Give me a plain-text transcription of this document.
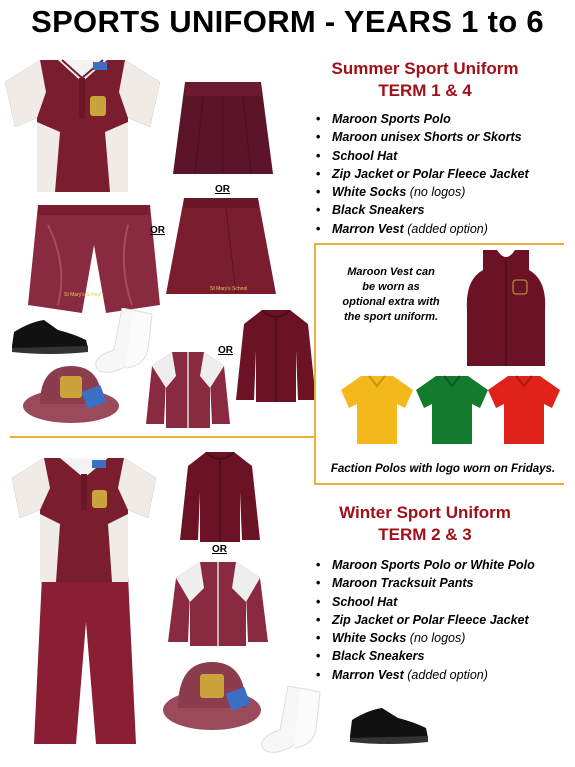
SPORTS UNIFORM - YEARS 1 to 6
OR
OR
OR
Summer Sport Uniform
TERM 1 & 4
• Maroon Sports Polo
• Maroon unisex Shorts or Skorts
• School Hat
• Zip Jacket or Polar Fleece Jacket
• White Socks (no logos)
• Black Sneakers
• Marron Vest (added option)
Maroon Vest can be worn as optional extra with the sport uniform.
Faction Polos with logo worn on Fridays.
OR
Winter Sport Uniform
TERM 2 & 3
• Maroon Sports Polo or White Polo
• Maroon Tracksuit Pants
• School Hat
• Zip Jacket or Polar Fleece Jacket
• White Socks (no logos)
• Black Sneakers
• Marron Vest (added option)
St Mary's School
St Mary's School
